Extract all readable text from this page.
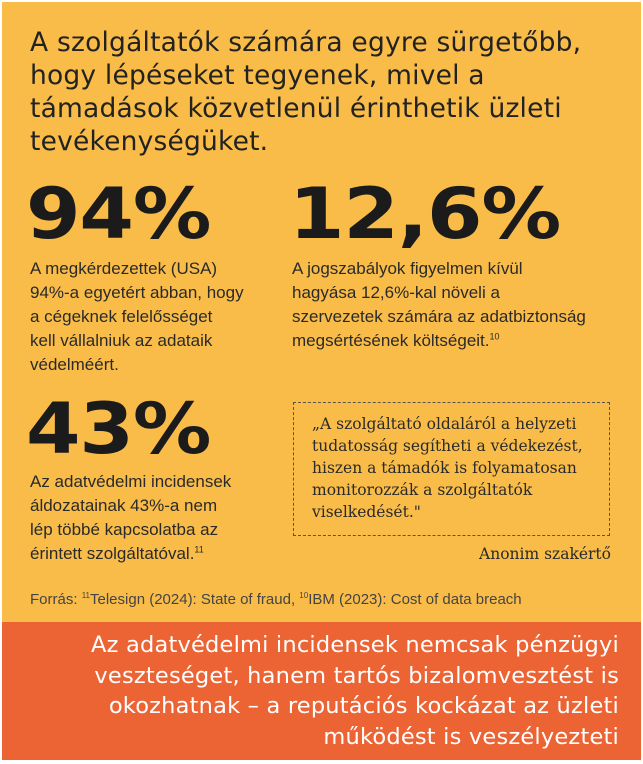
A szolgáltatók számára egyre sürgetőbb, hogy lépéseket tegyenek, mivel a támadások közvetlenül érinthetik üzleti tevékenységüket.
94%
A megkérdezettek (USA)
94%-a egyetért abban, hogy
a cégeknek felelősséget
kell vállalniuk az adataik
védelméért.
12,6%
A jogszabályok figyelmen kívül
hagyása 12,6%-kal növeli a
szervezetek számára az adatbiztonság
megsértésének költségeit.$^{10}$
43%
Az adatvédelmi incidensek
áldozatainak 43%-a nem
lép többé kapcsolatba az
érintett szolgáltatóval.$^{11}$
„A szolgáltató oldaláról a helyzeti tudatosság segítheti a védekezést, hiszen a támadók is folyamatosan monitorozzák a szolgáltatók viselkedését."
Anonim szakértő
Forrás: $^{11}$Telesign (2024): State of fraud, $^{10}$IBM (2023): Cost of data breach
Az adatvédelmi incidensek nemcsak pénzügyi veszteséget, hanem tartós bizalomvesztést is okozhatnak – a reputációs kockázat az üzleti működést is veszélyezteti
